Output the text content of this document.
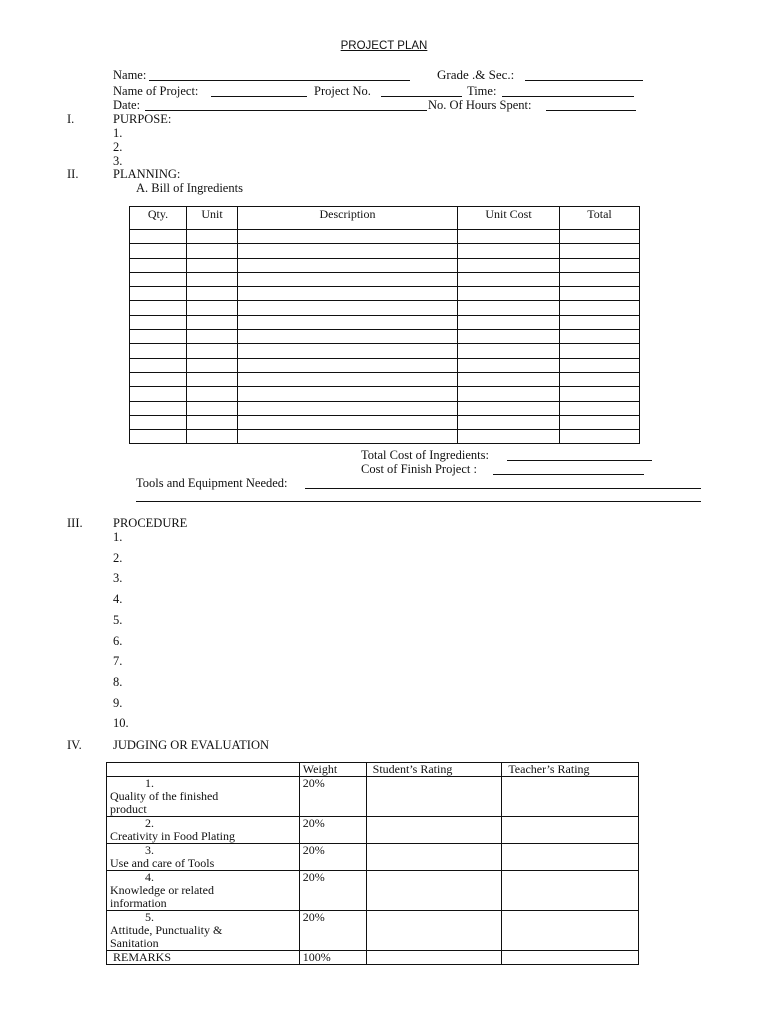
PROJECT PLAN
Name:	Grade .& Sec.:
Name of Project:	Project No.	Time:
Date:	No. Of Hours Spent:
I.	PURPOSE:
1.
2.
3.
II.	PLANNING:
A. Bill of Ingredients
Qty.	Unit	Description	Unit Cost	Total

Total Cost of Ingredients:
Cost of Finish Project :
Tools and Equipment Needed:
III. PROCEDURE
1.
2.
3.
4.
5.
6.
7.
8.
9.
10.
IV.	JUDGING OR EVALUATION
	Weight	Student’s Rating	Teacher’s Rating
1.Quality of the finished product	20%		
2.Creativity in Food Plating	20%		
3.Use and care of Tools	20%		
4.Knowledge or related information	20%		
5.Attitude, Punctuality & Sanitation	20%		
REMARKS	100%		
